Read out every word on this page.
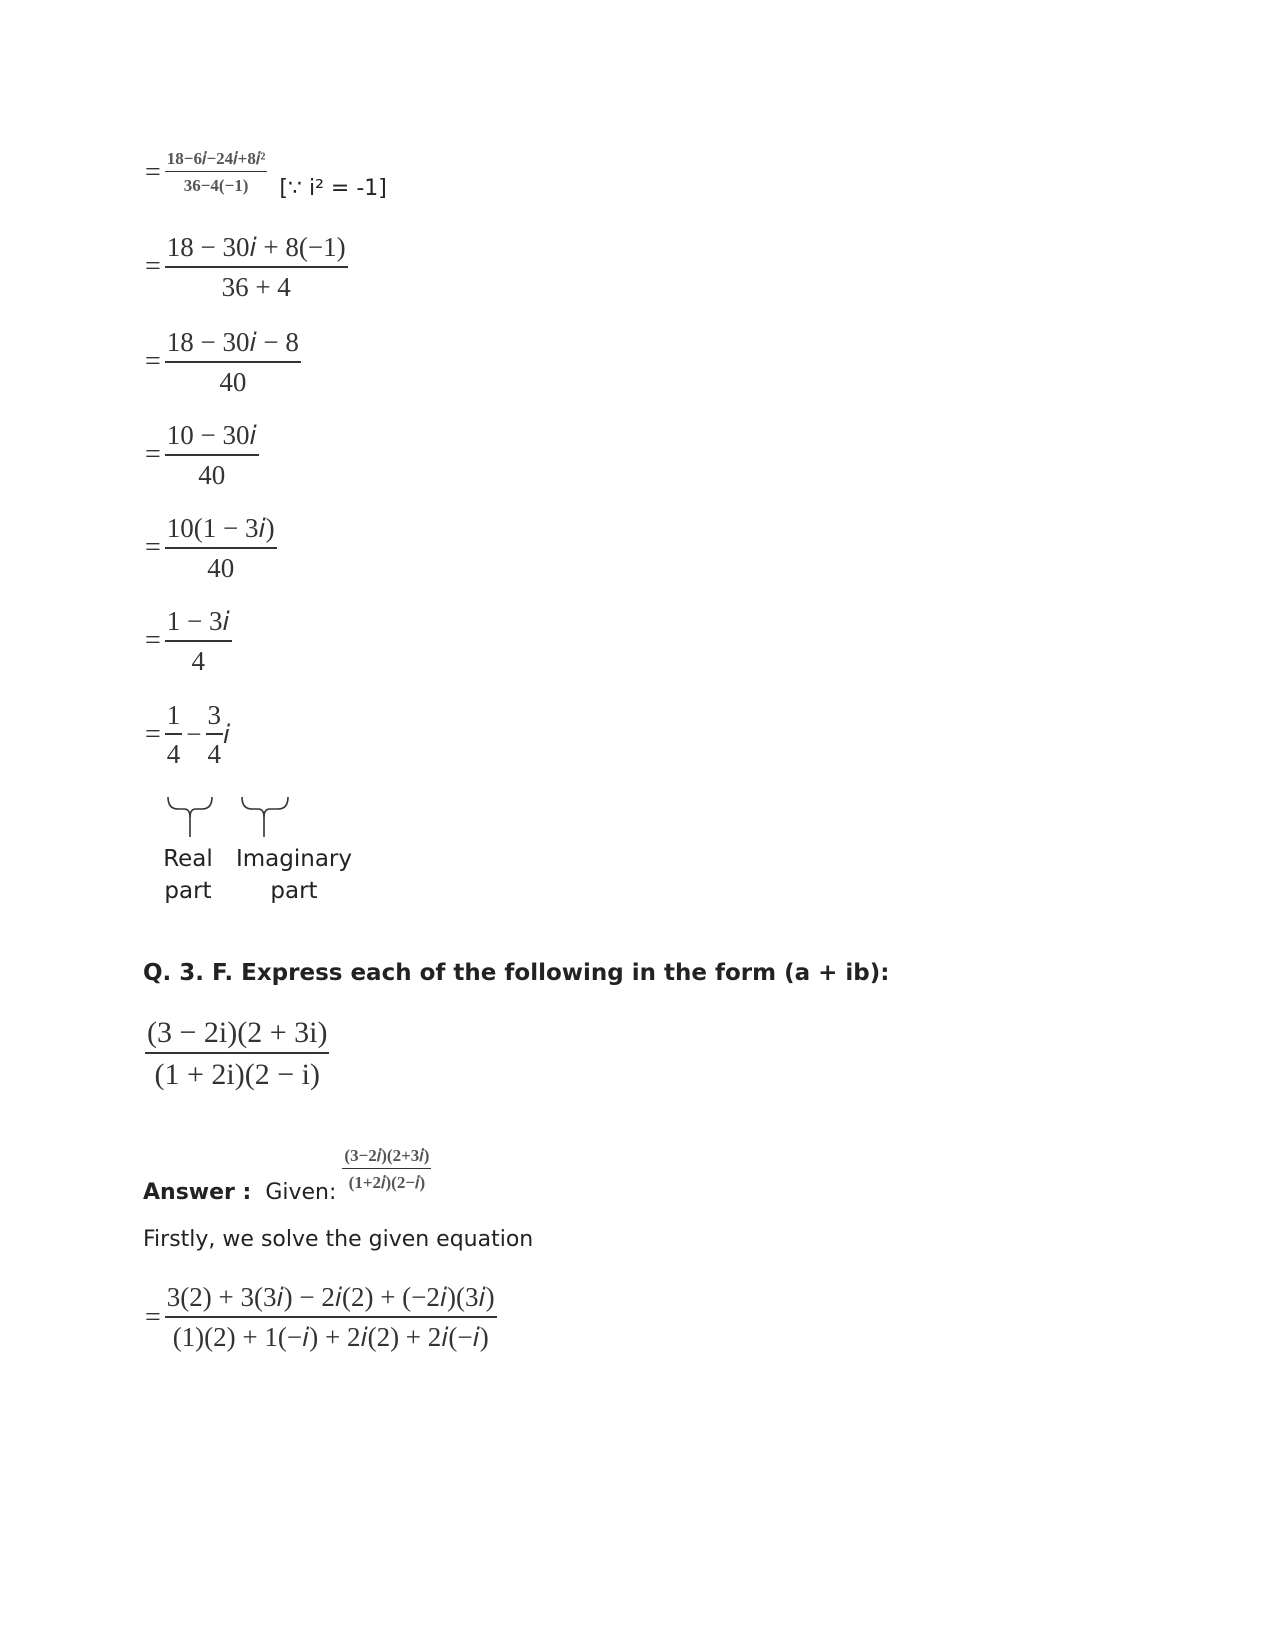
= $\frac{\text{18−6𝑖−24𝑖+8𝑖²}}{36-4(-1)}$ [∵ i² = -1]
= $\frac{\text{18 − 30𝑖 + 8(−1)}}{36 + 4}$
= $\frac{\text{18 − 30𝑖 − 8}}{40}$
= $\frac{\text{10 − 30𝑖}}{40}$
= $\frac{\text{10(1 − 3𝑖)}}{40}$
= $\frac{\text{1 − 3𝑖}}{4}$
= $\frac{1}{4} - \frac{3}{4}$ 𝑖
Real
part
Imaginary
part
Q. 3. F. Express each of the following in the form (a + ib):
$\frac{(3 - 2i)(2 + 3i)}{(1 + 2i)(2 - i)}$
Answer : Given: $\frac{\text{(3−2𝑖)(2+3𝑖)}}{\text{(1+2𝑖)(2−𝑖)}}$
Firstly, we solve the given equation
= $\frac{\text{3(2) + 3(3𝑖) − 2𝑖(2) + (−2𝑖)(3𝑖)}}{\text{(1)(2) + 1(−𝑖) + 2𝑖(2) + 2𝑖(−𝑖)}}$
